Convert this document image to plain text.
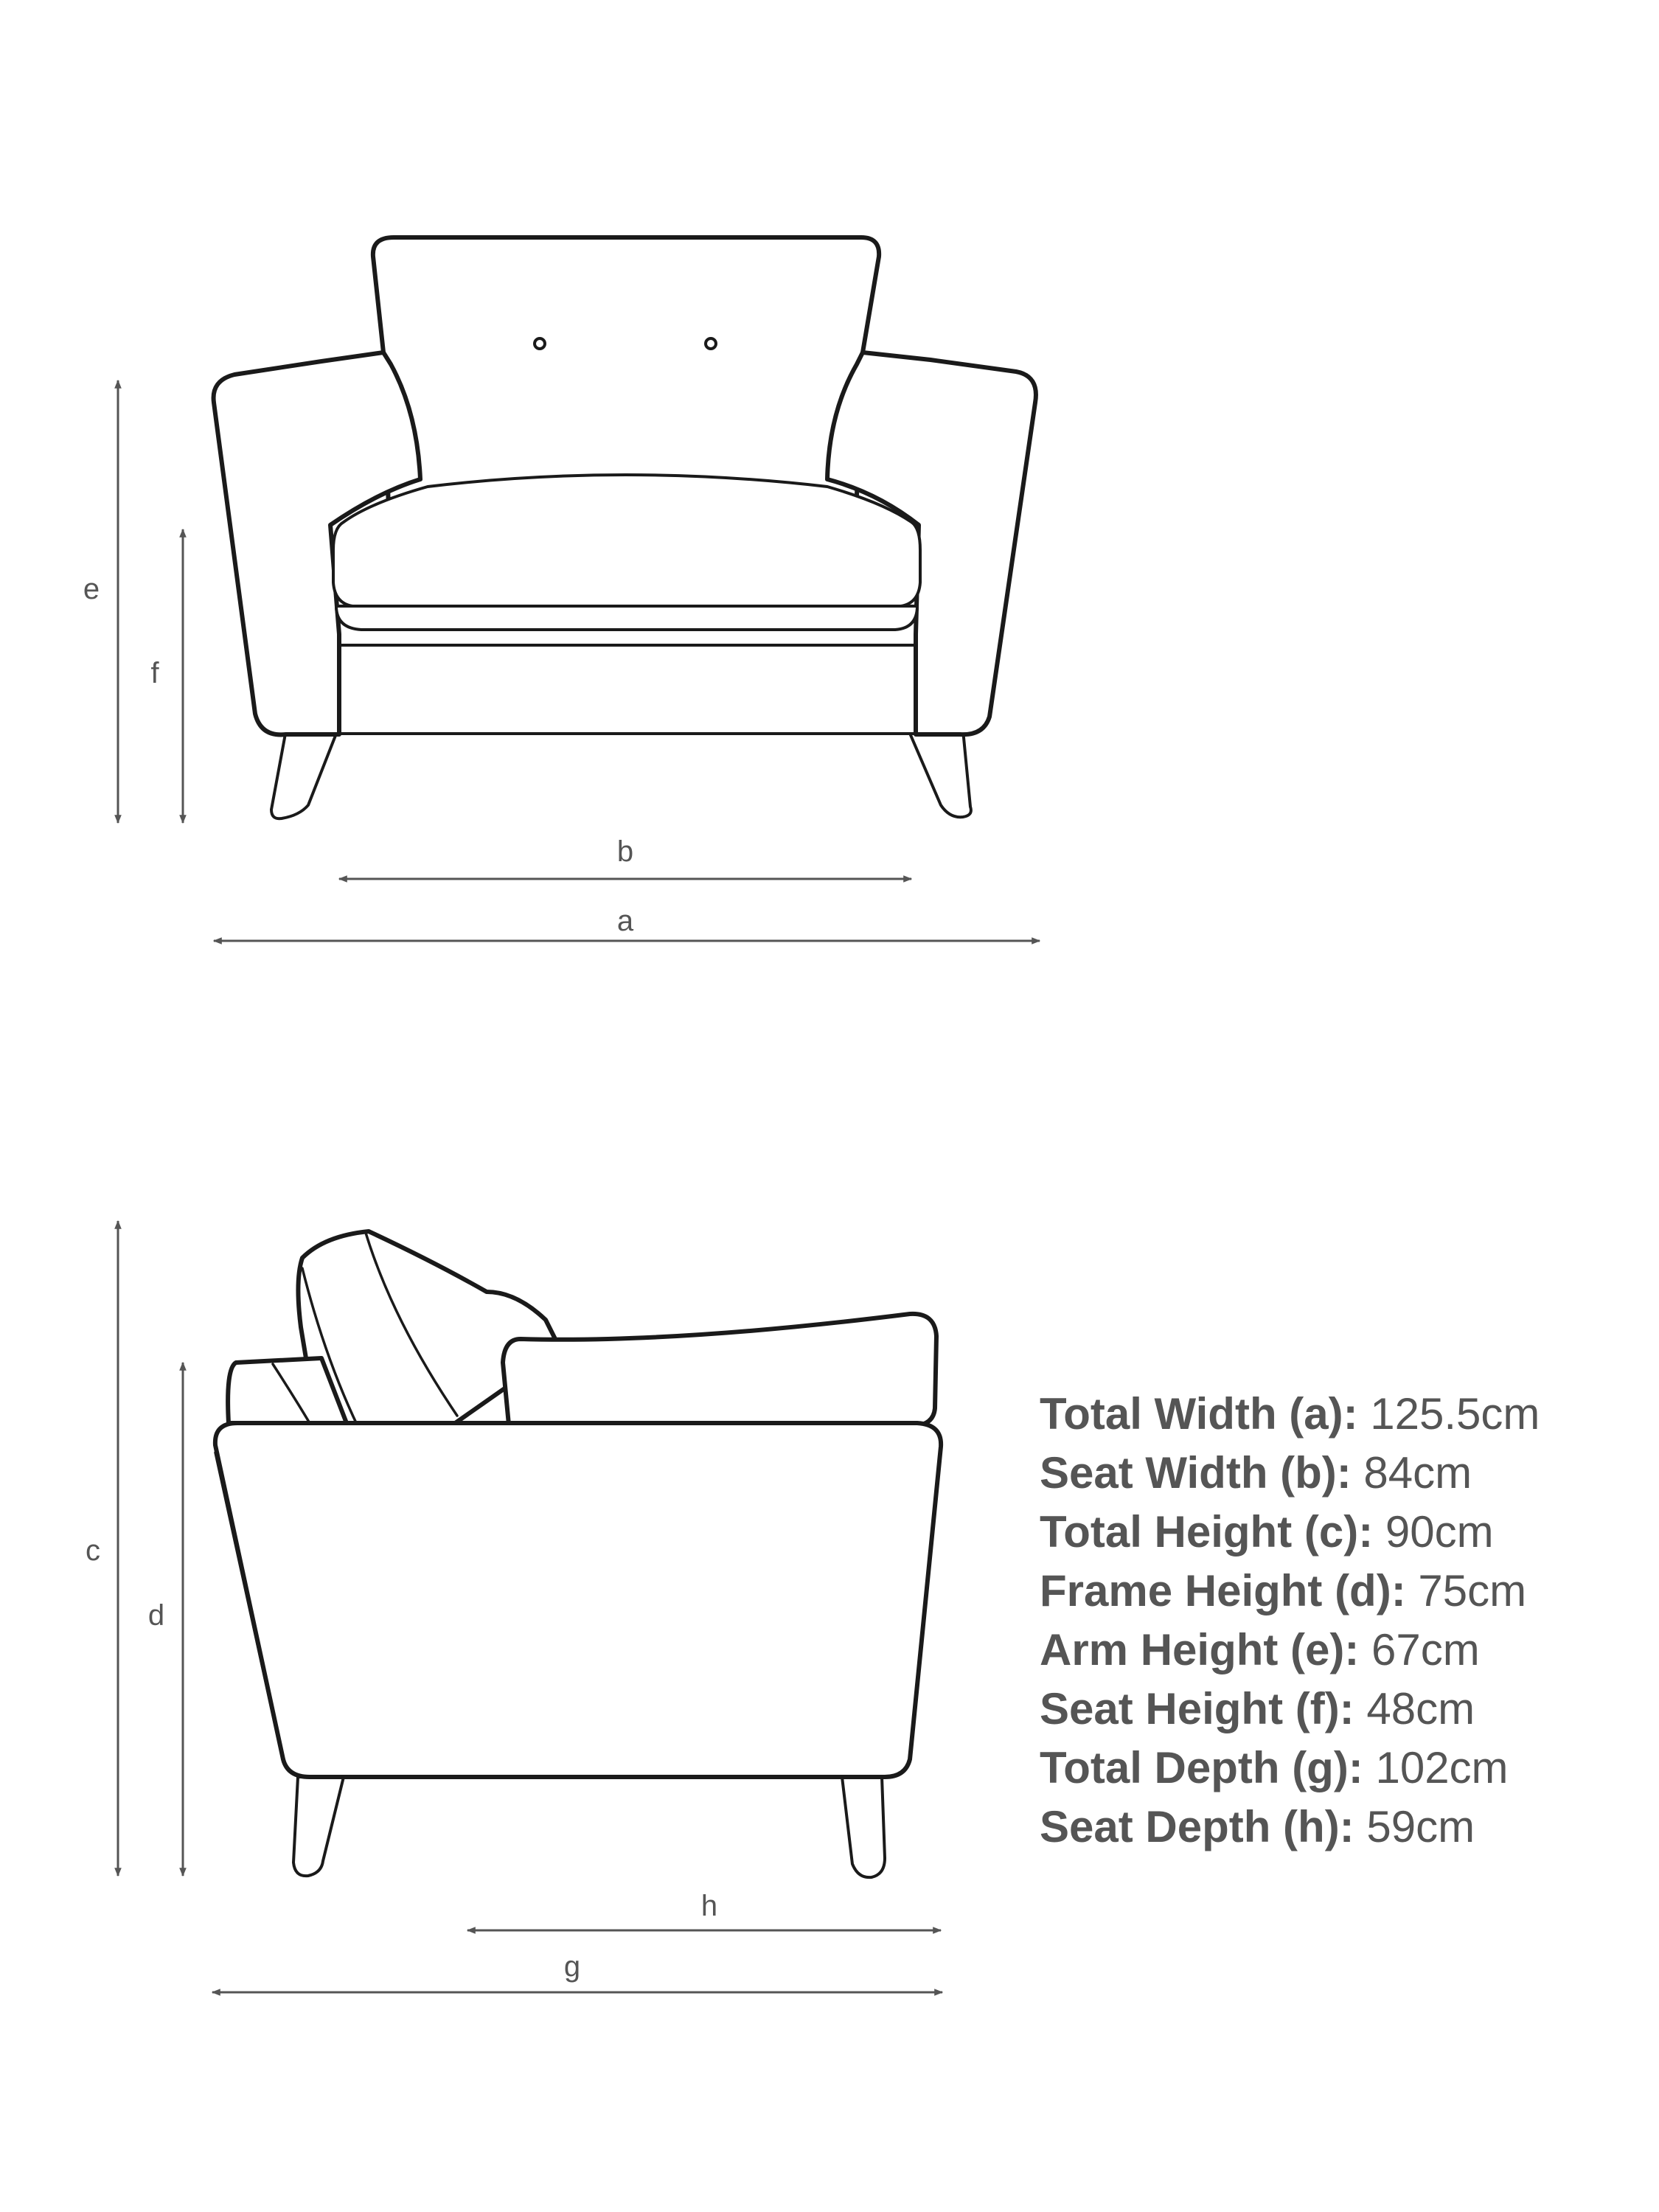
a
b
e
f
c
d
h
g
Total Width (a): 125.5cm
Seat Width (b): 84cm
Total Height (c): 90cm
Frame Height (d): 75cm
Arm Height (e): 67cm
Seat Height (f): 48cm
Total Depth (g): 102cm
Seat Depth (h): 59cm
